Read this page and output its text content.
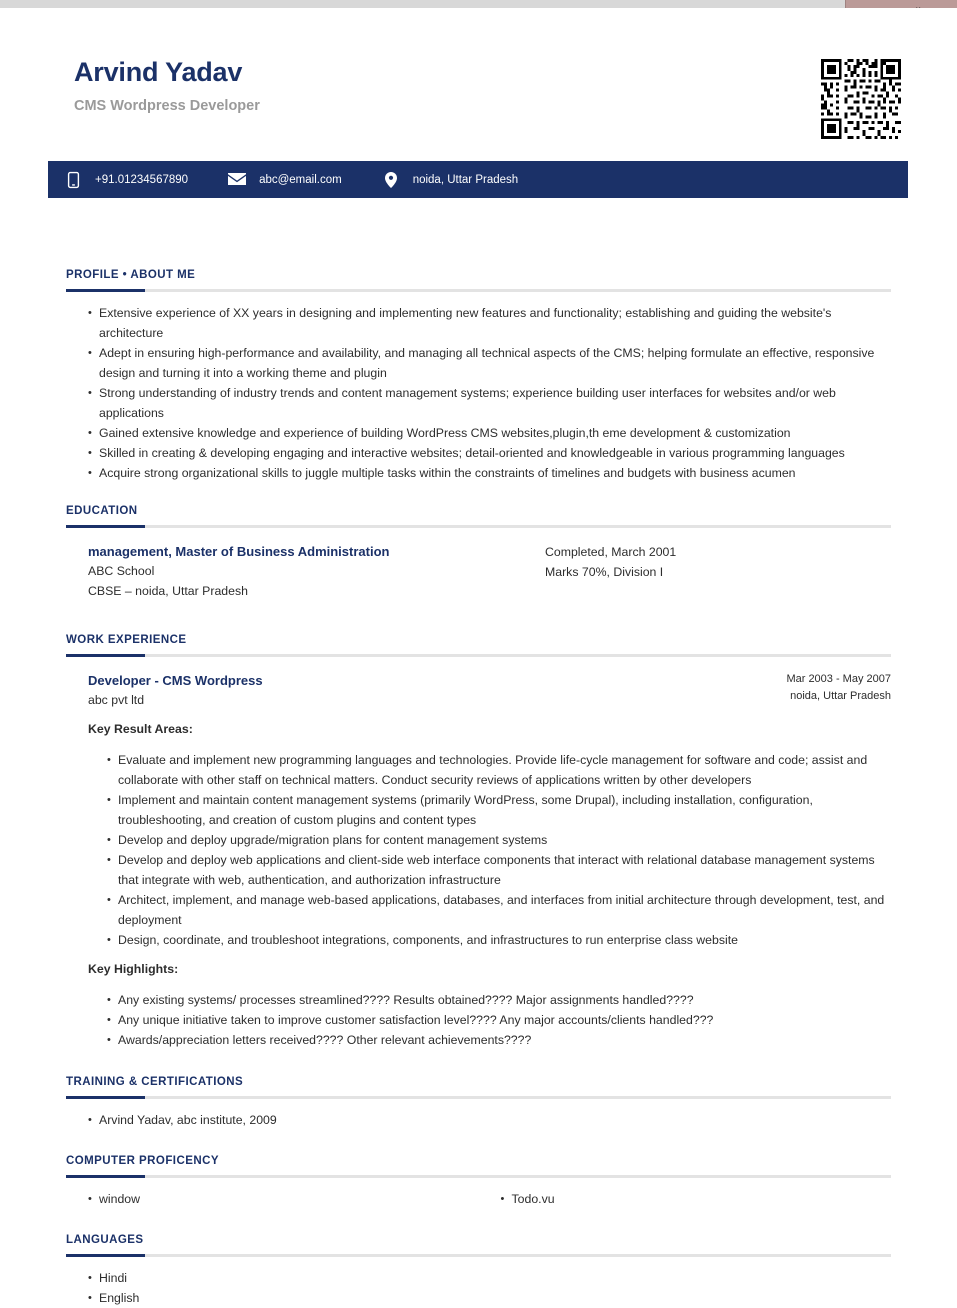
Arvind Yadav
CMS Wordpress Developer
+91.01234567890	abc@email.com	noida, Uttar Pradesh
PROFILE • ABOUT ME
• Extensive experience of XX years in designing and implementing new features and functionality; establishing and guiding the website's architecture
• Adept in ensuring high-performance and availability, and managing all technical aspects of the CMS; helping formulate an effective, responsive design and turning it into a working theme and plugin
• Strong understanding of industry trends and content management systems; experience building user interfaces for websites and/or web applications
• Gained extensive knowledge and experience of building WordPress CMS websites,plugin,th eme development & customization
• Skilled in creating & developing engaging and interactive websites; detail-oriented and knowledgeable in various programming languages
• Acquire strong organizational skills to juggle multiple tasks within the constraints of timelines and budgets with business acumen
EDUCATION
management, Master of Business Administration
ABC School
CBSE – noida, Uttar Pradesh
Completed, March 2001
Marks 70%, Division I
WORK EXPERIENCE
Developer - CMS Wordpress
abc pvt ltd
Mar 2003 - May 2007
noida, Uttar Pradesh
Key Result Areas:
• Evaluate and implement new programming languages and technologies. Provide life-cycle management for software and code; assist and collaborate with other staff on technical matters. Conduct security reviews of applications written by other developers
• Implement and maintain content management systems (primarily WordPress, some Drupal), including installation, configuration, troubleshooting, and creation of custom plugins and content types
• Develop and deploy upgrade/migration plans for content management systems
• Develop and deploy web applications and client-side web interface components that interact with relational database management systems that integrate with web, authentication, and authorization infrastructure
• Architect, implement, and manage web-based applications, databases, and interfaces from initial architecture through development, test, and deployment
• Design, coordinate, and troubleshoot integrations, components, and infrastructures to run enterprise class website
Key Highlights:
• Any existing systems/ processes streamlined???? Results obtained???? Major assignments handled????
• Any unique initiative taken to improve customer satisfaction level???? Any major accounts/clients handled???
• Awards/appreciation letters received???? Other relevant achievements????
TRAINING & CERTIFICATIONS
• Arvind Yadav, abc institute, 2009
COMPUTER PROFICENCY
• window	• Todo.vu
LANGUAGES
• Hindi
• English
